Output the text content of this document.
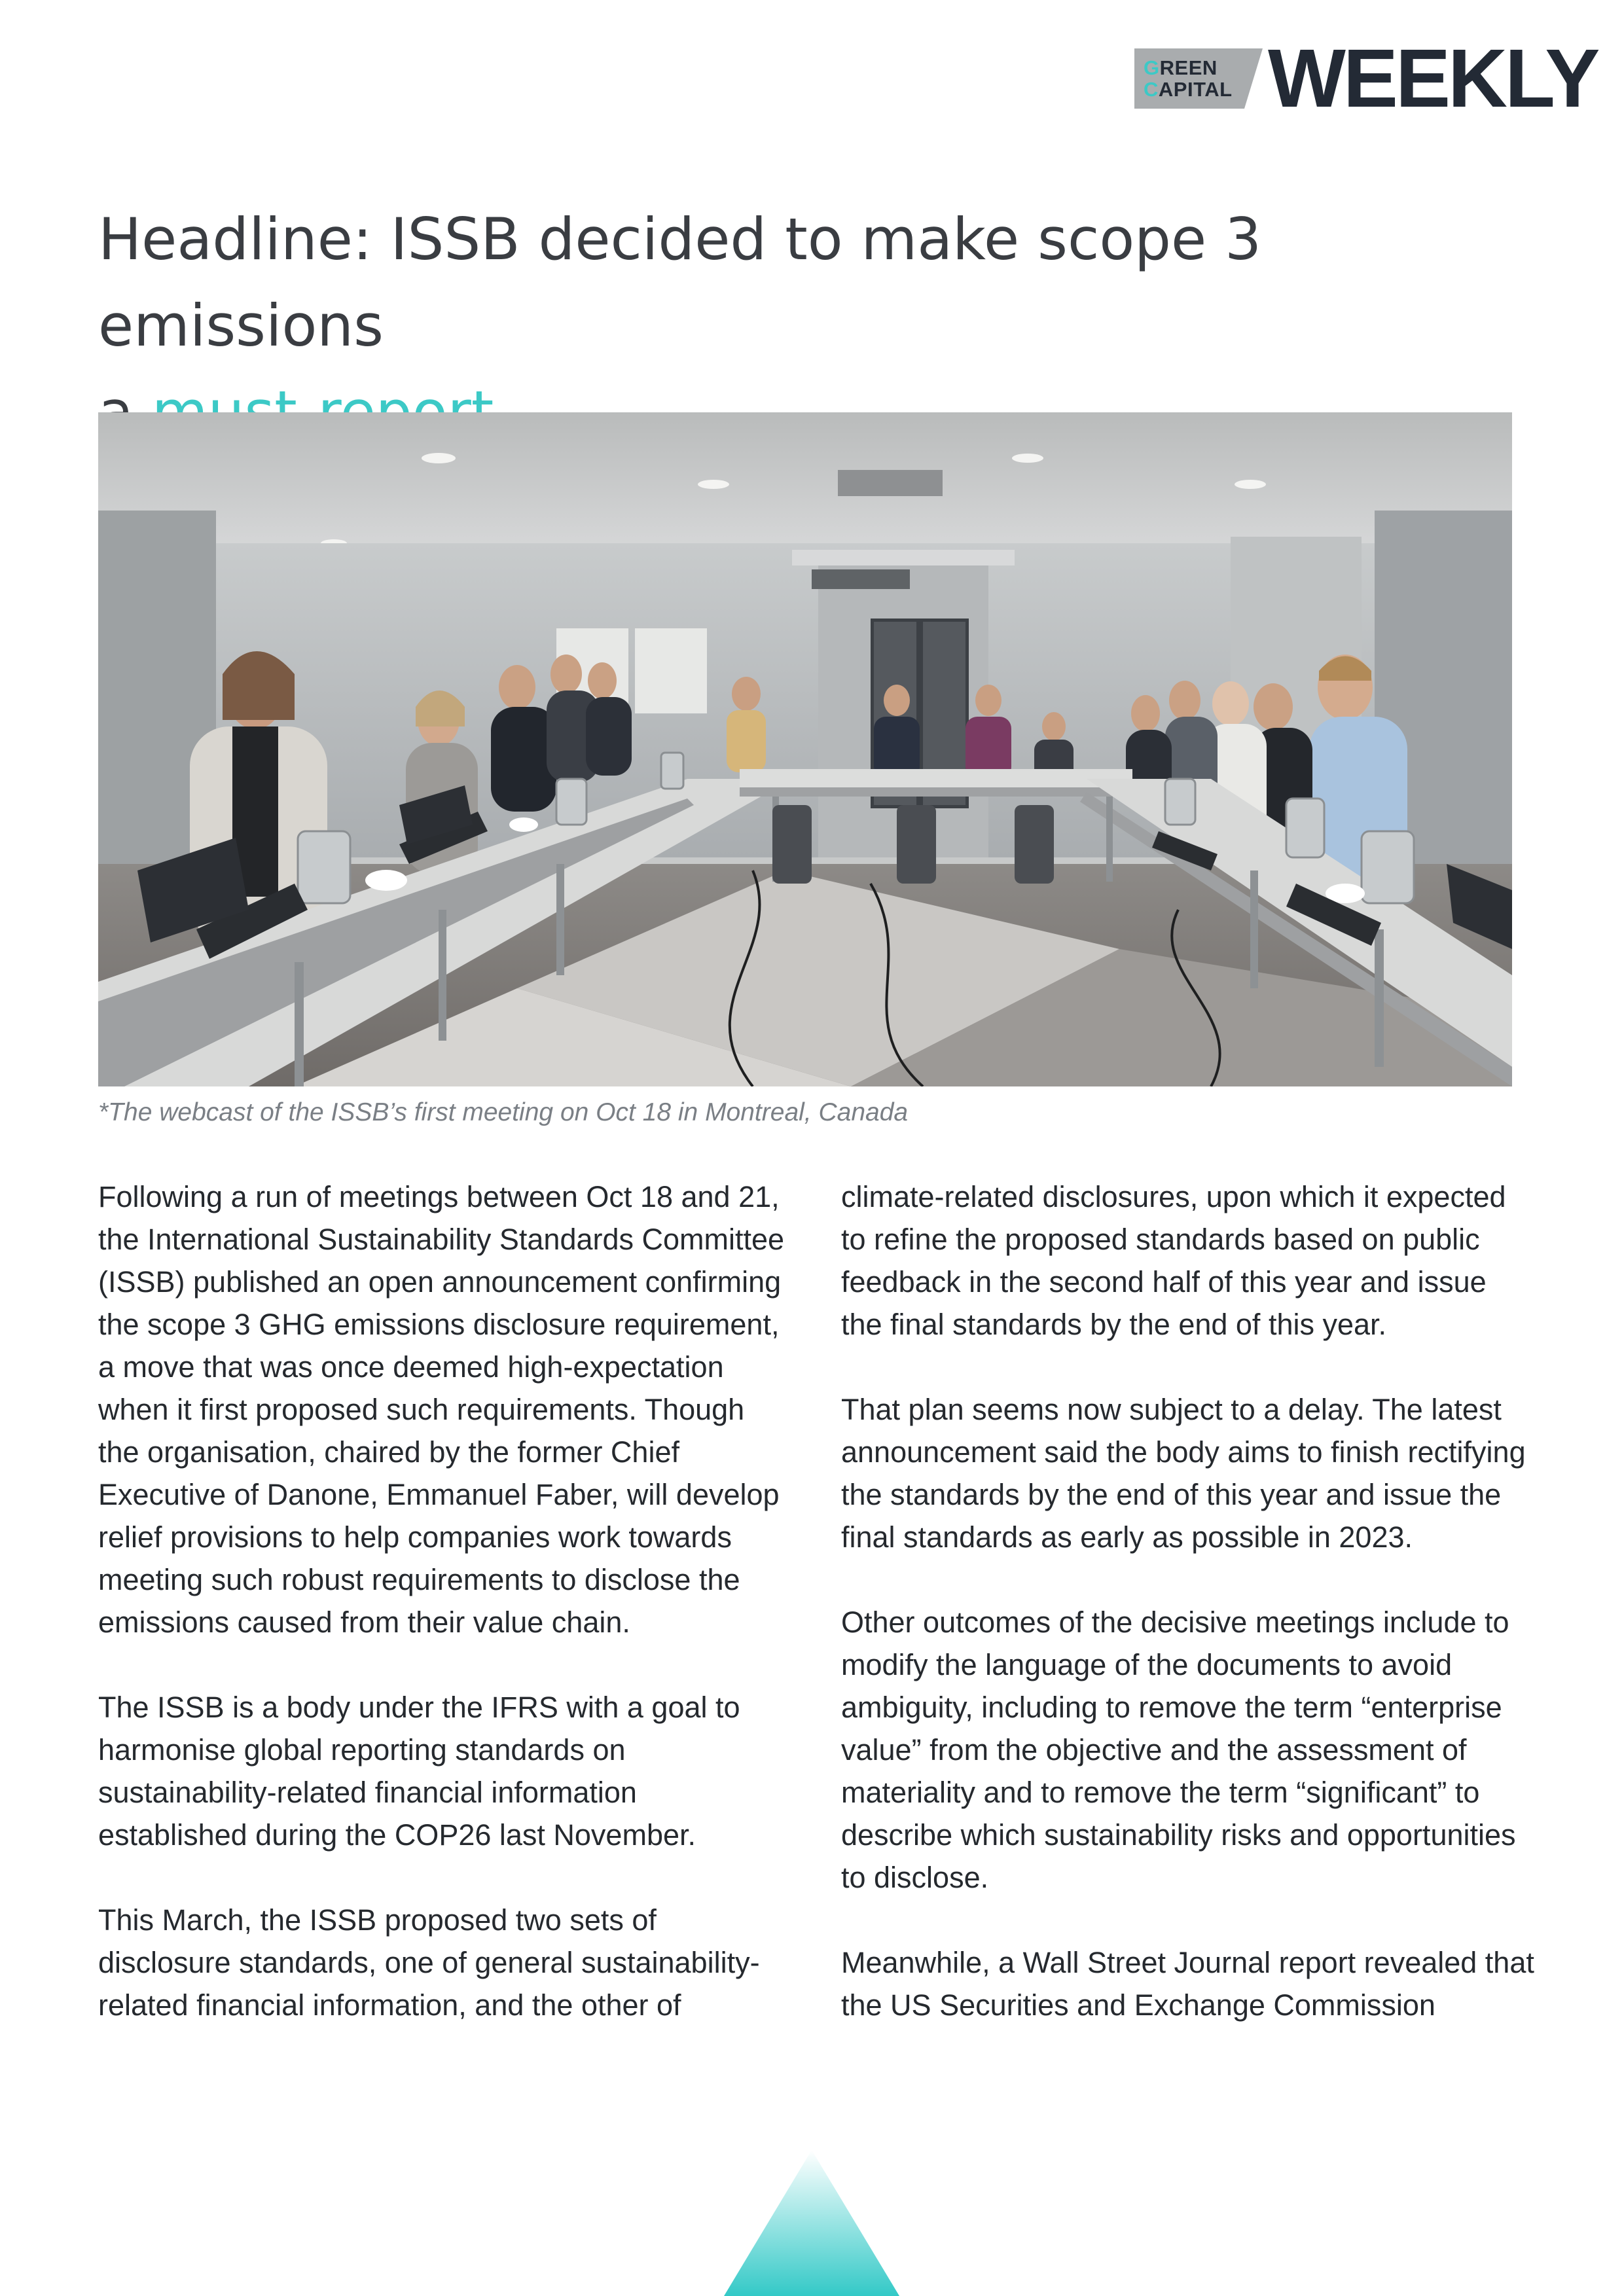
GREEN
CAPITAL WEEKLY
Headline: ISSB decided to make scope 3 emissions

*The webcast of the ISSB’s first meeting on Oct 18 in Montreal, Canada

Following a run of meetings between Oct 18 and 21, the International Sustainability Standards Committee (ISSB) published an open announcement confirming the scope 3 GHG emissions disclosure requirement, a move that was once deemed high-expectation when it first proposed such requirements. Though the organisation, chaired by the former Chief Executive of Danone, Emmanuel Faber, will develop relief provisions to help companies work towards meeting such robust requirements to disclose the emissions caused from their value chain.

The ISSB is a body under the IFRS with a goal to harmonise global reporting standards on sustainability-related financial information established during the COP26 last November.

This March, the ISSB proposed two sets of disclosure standards, one of general sustainability-related financial information, and the other of

climate-related disclosures, upon which it expected to refine the proposed standards based on public feedback in the second half of this year and issue the final standards by the end of this year.

That plan seems now subject to a delay. The latest announcement said the body aims to finish rectifying the standards by the end of this year and issue the final standards as early as possible in 2023.

Other outcomes of the decisive meetings include to modify the language of the documents to avoid ambiguity, including to remove the term “enterprise value” from the objective and the assessment of materiality and to remove the term “significant” to describe which sustainability risks and opportunities to disclose.

Meanwhile, a Wall Street Journal report revealed that the US Securities and Exchange Commission
